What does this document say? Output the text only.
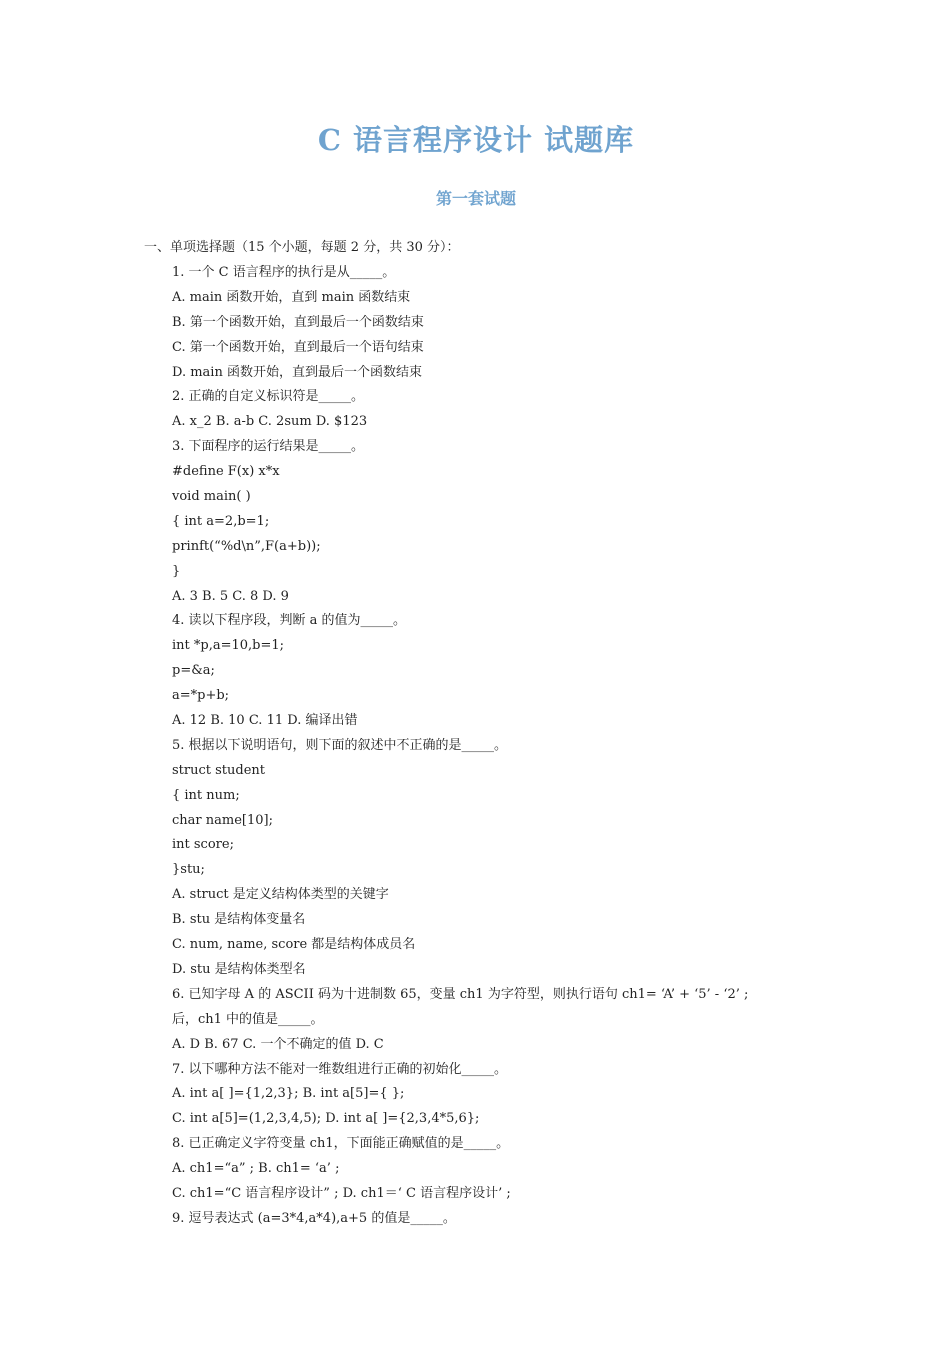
C 语言程序设计 试题库
第一套试题
一、单项选择题（15 个小题，每题 2 分，共 30 分）：
1. 一个 C 语言程序的执行是从_____。
A. main 函数开始，直到 main 函数结束
B. 第一个函数开始，直到最后一个函数结束
C. 第一个函数开始，直到最后一个语句结束
D. main 函数开始，直到最后一个函数结束
2. 正确的自定义标识符是_____。
A. x_2 B. a-b C. 2sum D. $123
3. 下面程序的运行结果是_____。
#define F(x) x*x
void main( )
{ int a=2,b=1;
prinft(“%d\n”,F(a+b));
}
A. 3 B. 5 C. 8 D. 9
4. 读以下程序段，判断 a 的值为_____。
int *p,a=10,b=1;
p=&a;
a=*p+b;
A. 12 B. 10 C. 11 D. 编译出错
5. 根据以下说明语句，则下面的叙述中不正确的是_____。
struct student
{ int num;
char name[10];
int score;
}stu;
A. struct 是定义结构体类型的关键字
B. stu 是结构体变量名
C. num, name, score 都是结构体成员名
D. stu 是结构体类型名
6. 已知字母 A 的 ASCII 码为十进制数 65，变量 ch1 为字符型，则执行语句 ch1= ‘A’ + ‘5’ - ‘2’ ;
后，ch1 中的值是_____。
A. D B. 67 C. 一个不确定的值 D. C
7. 以下哪种方法不能对一维数组进行正确的初始化_____。
A. int a[ ]={1,2,3}; B. int a[5]={ };
C. int a[5]=(1,2,3,4,5); D. int a[ ]={2,3,4*5,6};
8. 已正确定义字符变量 ch1，下面能正确赋值的是_____。
A. ch1=“a” ; B. ch1= ‘a’ ;
C. ch1=“C 语言程序设计” ; D. ch1＝‘ C 语言程序设计’ ;
9. 逗号表达式 (a=3*4,a*4),a+5 的值是_____。
